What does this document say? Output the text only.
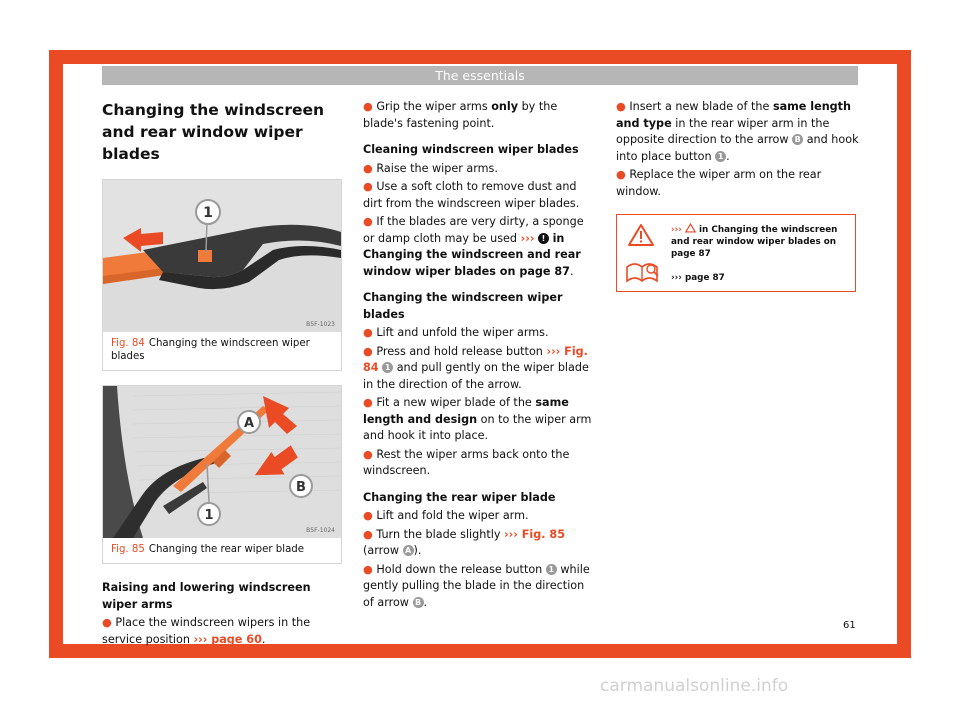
The essentials
Changing the windscreen and rear window wiper blades
1
B5F-1023
Fig. 84 Changing the windscreen wiper blades
A
B
1
B5F-1024
Fig. 85 Changing the rear wiper blade
Raising and lowering windscreen wiper arms
● Place the windscreen wipers in the service position ››› page 60.
● Grip the wiper arms only by the blade's fastening point.
Cleaning windscreen wiper blades
● Raise the wiper arms.
● Use a soft cloth to remove dust and dirt from the windscreen wiper blades.
● If the blades are very dirty, a sponge or damp cloth may be used ››› ! in Changing the windscreen and rear window wiper blades on page 87.
Changing the windscreen wiper blades
● Lift and unfold the wiper arms.
● Press and hold release button ››› Fig. 84 1 and pull gently on the wiper blade in the direction of the arrow.
● Fit a new wiper blade of the same length and design on to the wiper arm and hook it into place.
● Rest the wiper arms back onto the windscreen.
Changing the rear wiper blade
● Lift and fold the wiper arm.
● Turn the blade slightly ››› Fig. 85 (arrow A ).
● Hold down the release button 1 while gently pulling the blade in the direction of arrow B .
● Insert a new blade of the same length and type in the rear wiper arm in the opposite direction to the arrow B and hook into place button 1 .
● Replace the wiper arm on the rear window.
››› in Changing the windscreen and rear window wiper blades on page 87
››› page 87
61
carmanualsonline.info
